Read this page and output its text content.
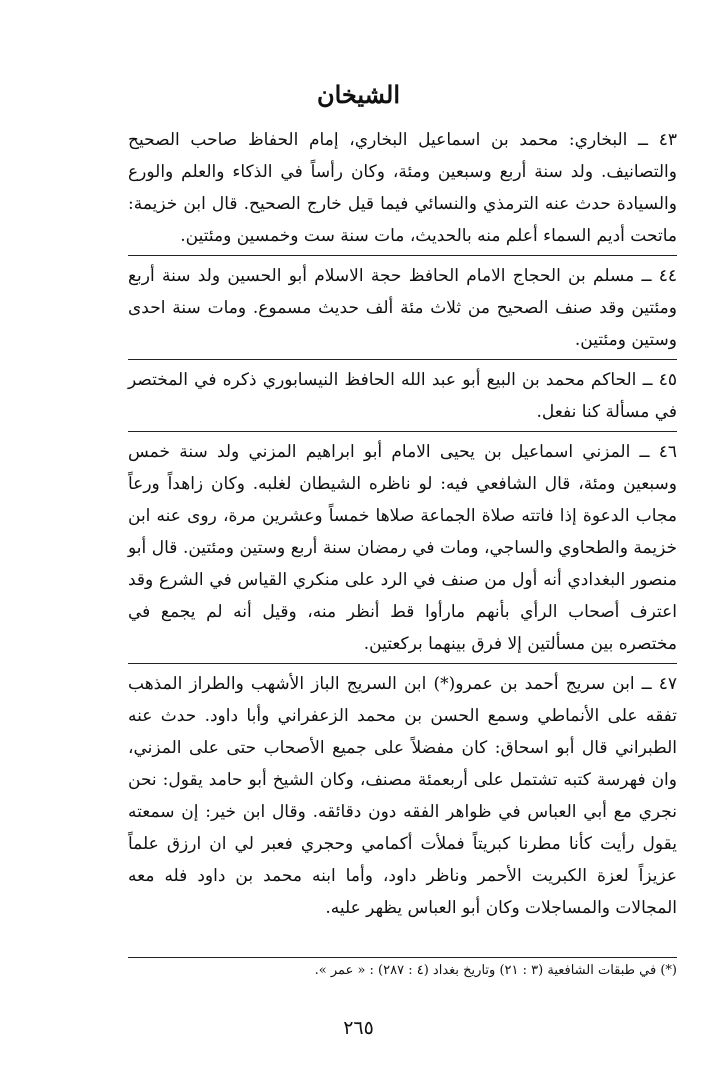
الشيخان

٤٣ ــ البخاري: محمد بن اسماعيل البخاري، إمام الحفاظ صاحب الصحيح والتصانيف. ولد سنة أربع وسبعين ومئة، وكان رأساً في الذكاء والعلم والورع والسيادة حدث عنه الترمذي والنسائي فيما قيل خارج الصحيح. قال ابن خزيمة: ماتحت أديم السماء أعلم منه بالحديث، مات سنة ست وخمسين ومئتين.

٤٤ ــ مسلم بن الحجاج الامام الحافظ حجة الاسلام أبو الحسين ولد سنة أربع ومئتين وقد صنف الصحيح من ثلاث مئة ألف حديث مسموع. ومات سنة احدى وستين ومئتين.

٤٥ ــ الحاكم محمد بن البيع أبو عبد الله الحافظ النيسابوري ذكره في المختصر في مسألة كنا نفعل.

٤٦ ــ المزني اسماعيل بن يحيى الامام أبو ابراهيم المزني ولد سنة خمس وسبعين ومئة، قال الشافعي فيه: لو ناظره الشيطان لغلبه. وكان زاهداً ورعاً مجاب الدعوة إذا فاتته صلاة الجماعة صلاها خمساً وعشرين مرة، روى عنه ابن خزيمة والطحاوي والساجي، ومات في رمضان سنة أربع وستين ومئتين. قال أبو منصور البغدادي أنه أول من صنف في الرد على منكري القياس في الشرع وقد اعترف أصحاب الرأي بأنهم مارأوا قط أنظر منه، وقيل أنه لم يجمع في مختصره بين مسألتين إلا فرق بينهما بركعتين.

٤٧ ــ ابن سريج أحمد بن عمرو(*) ابن السريج الباز الأشهب والطراز المذهب تفقه على الأنماطي وسمع الحسن بن محمد الزعفراني وأبا داود. حدث عنه الطبراني قال أبو اسحاق: كان مفضلاً على جميع الأصحاب حتى على المزني، وان فهرسة كتبه تشتمل على أربعمئة مصنف، وكان الشيخ أبو حامد يقول: نحن نجري مع أبي العباس في ظواهر الفقه دون دقائقه. وقال ابن خير: إن سمعته يقول رأيت كأنا مطرنا كبريتاً فملأت أكمامي وحجري فعبر لي ان ارزق علماً عزيزاً لعزة الكبريت الأحمر وناظر داود، وأما ابنه محمد بن داود فله معه المجالات والمساجلات وكان أبو العباس يظهر عليه.

(*) في طبقات الشافعية (٣ : ٢١) وتاريخ بغداد (٤ : ٢٨٧) : « عمر ».
٢٦٥
